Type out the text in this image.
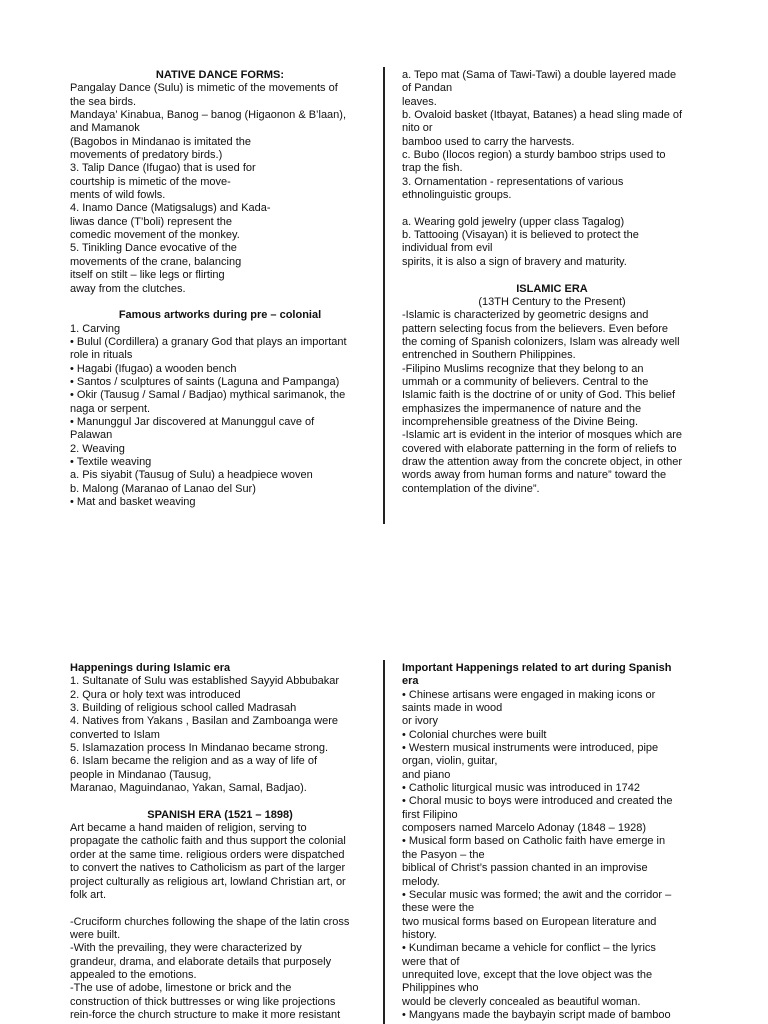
NATIVE DANCE FORMS:
Pangalay Dance (Sulu) is mimetic of the movements of
the sea birds.
Mandaya’ Kinabua, Banog – banog (Higaonon & B’laan),
and Mamanok
(Bagobos in Mindanao is imitated the
movements of predatory birds.)
3. Talip Dance (Ifugao) that is used for
courtship is mimetic of the move-
ments of wild fowls.
4. Inamo Dance (Matigsalugs) and Kada-
liwas dance (T’boli) represent the
comedic movement of the monkey.
5. Tinikling Dance evocative of the
movements of the crane, balancing
itself on stilt – like legs or flirting
away from the clutches.
Famous artworks during pre – colonial
1. Carving
• Bulul (Cordillera) a granary God that plays an important
role in rituals
• Hagabi (Ifugao) a wooden bench
• Santos / sculptures of saints (Laguna and Pampanga)
• Okir (Tausug / Samal / Badjao) mythical sarimanok, the
naga or serpent.
• Manunggul Jar discovered at Manunggul cave of
Palawan
2. Weaving
• Textile weaving
a. Pis siyabit (Tausug of Sulu) a headpiece woven
b. Malong (Maranao of Lanao del Sur)
• Mat and basket weaving
a. Tepo mat (Sama of Tawi-Tawi) a double layered made
of Pandan
leaves.
b. Ovaloid basket (Itbayat, Batanes) a head sling made of
nito or
bamboo used to carry the harvests.
c. Bubo (Ilocos region) a sturdy bamboo strips used to
trap the fish.
3. Ornamentation - representations of various
ethnolinguistic groups.
a. Wearing gold jewelry (upper class Tagalog)
b. Tattooing (Visayan) it is believed to protect the
individual from evil
spirits, it is also a sign of bravery and maturity.
ISLAMIC ERA
(13TH Century to the Present)
-Islamic is characterized by geometric designs and
pattern selecting focus from the believers. Even before
the coming of Spanish colonizers, Islam was already well
entrenched in Southern Philippines.
-Filipino Muslims recognize that they belong to an
ummah or a community of believers. Central to the
Islamic faith is the doctrine of or unity of God. This belief
emphasizes the impermanence of nature and the
incomprehensible greatness of the Divine Being.
-Islamic art is evident in the interior of mosques which are
covered with elaborate patterning in the form of reliefs to
draw the attention away from the concrete object, in other
words away from human forms and nature” toward the
contemplation of the divine”.
Happenings during Islamic era
1. Sultanate of Sulu was established Sayyid Abbubakar
2. Qura or holy text was introduced
3. Building of religious school called Madrasah
4. Natives from Yakans , Basilan and Zamboanga were
converted to Islam
5. Islamazation process In Mindanao became strong.
6. Islam became the religion and as a way of life of
people in Mindanao (Tausug,
Maranao, Maguindanao, Yakan, Samal, Badjao).
SPANISH ERA (1521 – 1898)
Art became a hand maiden of religion, serving to
propagate the catholic faith and thus support the colonial
order at the same time. religious orders were dispatched
to convert the natives to Catholicism as part of the larger
project culturally as religious art, lowland Christian art, or
folk art.
-Cruciform churches following the shape of the latin cross
were built.
-With the prevailing, they were characterized by
grandeur, drama, and elaborate details that purposely
appealed to the emotions.
-The use of adobe, limestone or brick and the
construction of thick buttresses or wing like projections
rein-force the church structure to make it more resistant
Important Happenings related to art during Spanish
era
• Chinese artisans were engaged in making icons or
saints made in wood
or ivory
• Colonial churches were built
• Western musical instruments were introduced, pipe
organ, violin, guitar,
and piano
• Catholic liturgical music was introduced in 1742
• Choral music to boys were introduced and created the
first Filipino
composers named Marcelo Adonay (1848 – 1928)
• Musical form based on Catholic faith have emerge in
the Pasyon – the
biblical of Christ’s passion chanted in an improvise
melody.
• Secular music was formed; the awit and the corridor –
these were the
two musical forms based on European literature and
history.
• Kundiman became a vehicle for conflict – the lyrics
were that of
unrequited love, except that the love object was the
Philippines who
would be cleverly concealed as beautiful woman.
• Mangyans made the baybayin script made of bamboo
